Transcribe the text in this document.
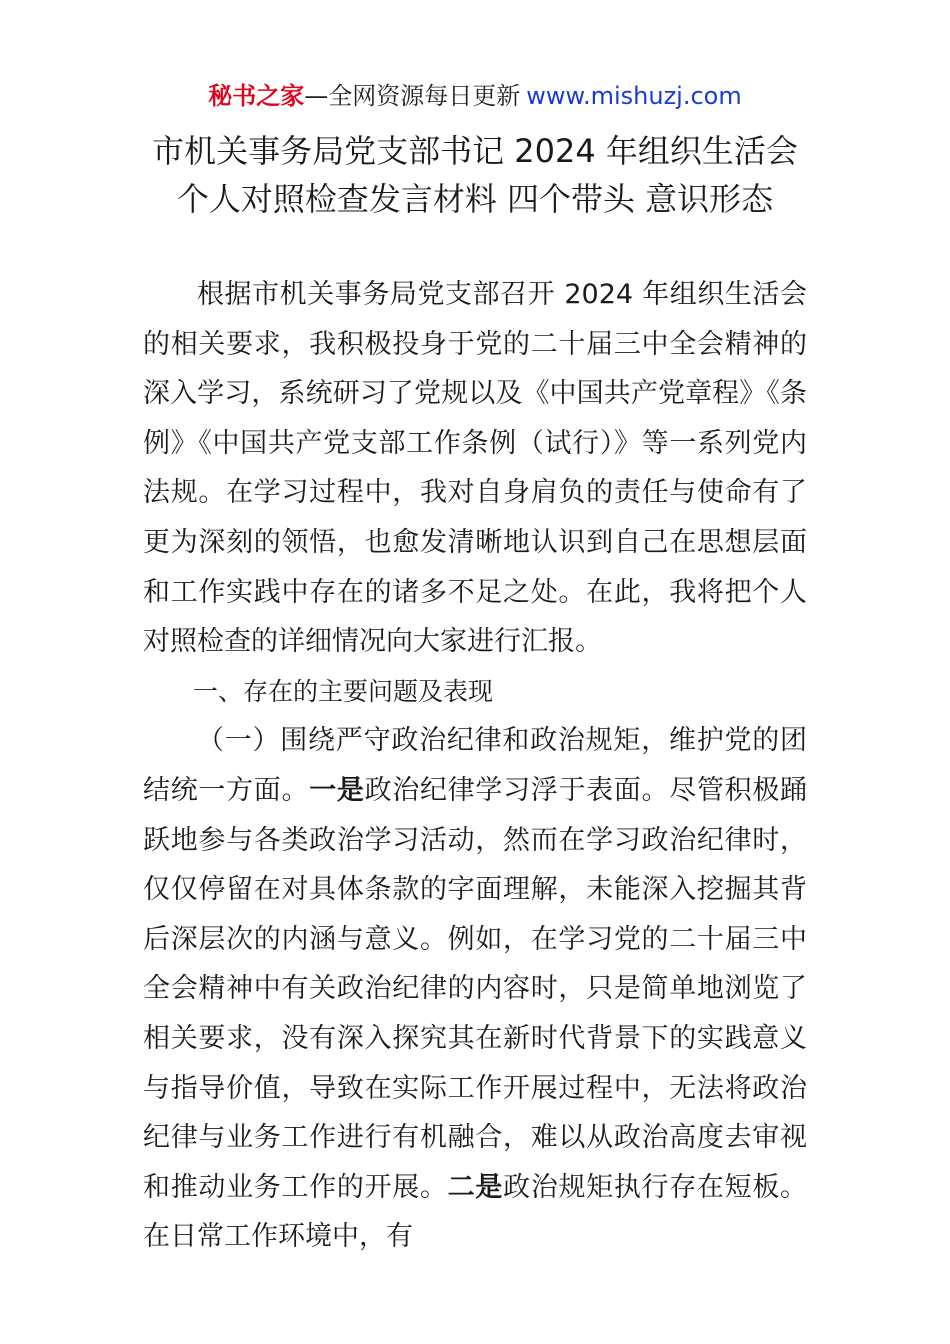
秘书之家—全网资源每日更新 www.mishuzj.com
市机关事务局党支部书记 2024 年组织生活会
个人对照检查发言材料 四个带头 意识形态

根据市机关事务局党支部召开 2024 年组织生活会的相关要求，我积极投身于党的二十届三中全会精神的深入学习，系统研习了党规以及《中国共产党章程》《条例》《中国共产党支部工作条例（试行）》等一系列党内法规。在学习过程中，我对自身肩负的责任与使命有了更为深刻的领悟，也愈发清晰地认识到自己在思想层面和工作实践中存在的诸多不足之处。在此，我将把个人对照检查的详细情况向大家进行汇报。

一、存在的主要问题及表现

（一）围绕严守政治纪律和政治规矩，维护党的团结统一方面。一是政治纪律学习浮于表面。尽管积极踊跃地参与各类政治学习活动，然而在学习政治纪律时，仅仅停留在对具体条款的字面理解，未能深入挖掘其背后深层次的内涵与意义。例如，在学习党的二十届三中全会精神中有关政治纪律的内容时，只是简单地浏览了相关要求，没有深入探究其在新时代背景下的实践意义与指导价值，导致在实际工作开展过程中，无法将政治纪律与业务工作进行有机融合，难以从政治高度去审视和推动业务工作的开展。二是政治规矩执行存在短板。在日常工作环境中，有
